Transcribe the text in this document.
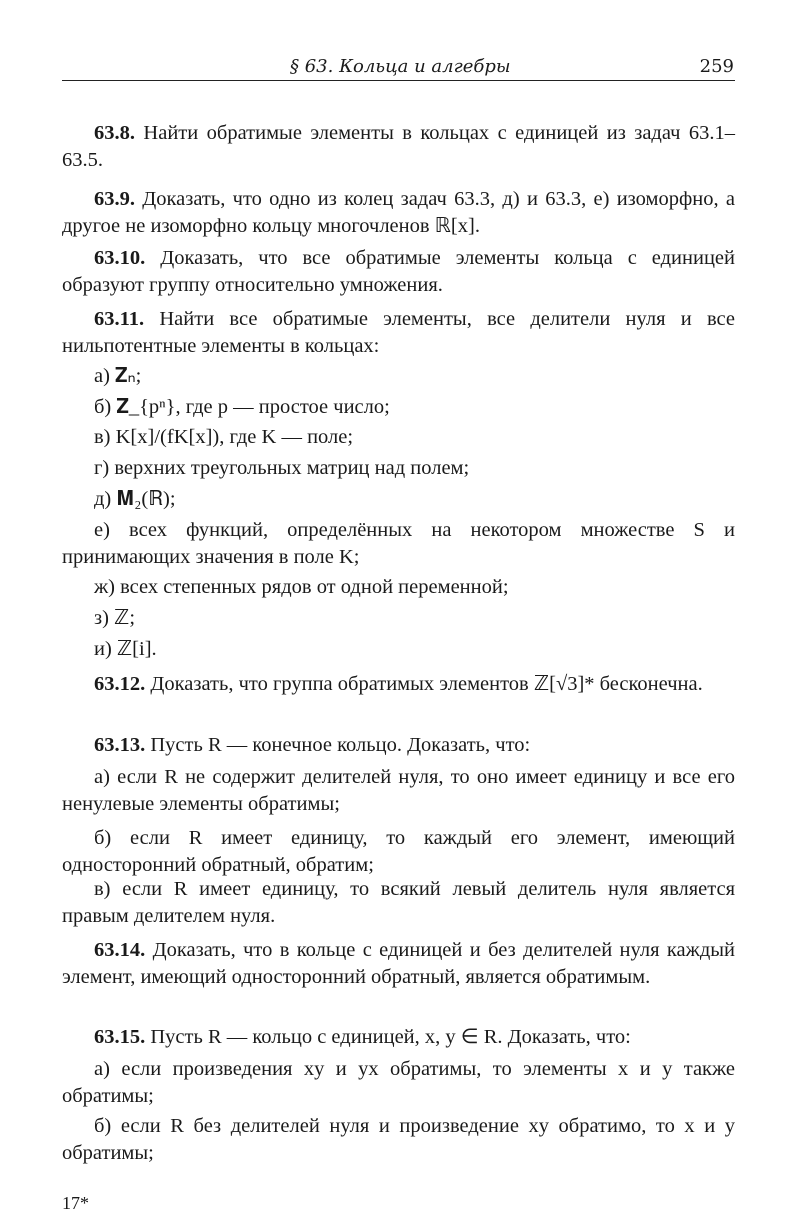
§ 63. Кольца и алгебры	259
63.8. Найти обратимые элементы в кольцах с единицей из задач 63.1–63.5.
63.9. Доказать, что одно из колец задач 63.3, д) и 63.3, е) изоморфно, а другое не изоморфно кольцу многочленов ℝ[x].
63.10. Доказать, что все обратимые элементы кольца с единицей образуют группу относительно умножения.
63.11. Найти все обратимые элементы, все делители нуля и все нильпотентные элементы в кольцах:
а) 𝐙ₙ;
б) 𝐙_{pⁿ}, где p — простое число;
в) K[x]/(fK[x]), где K — поле;
г) верхних треугольных матриц над полем;
д) 𝐌₂(ℝ);
е) всех функций, определённых на некотором множестве S и принимающих значения в поле K;
ж) всех степенных рядов от одной переменной;
з) ℤ;
и) ℤ[i].
63.12. Доказать, что группа обратимых элементов ℤ[√3]* бесконечна.
63.13. Пусть R — конечное кольцо. Доказать, что:
а) если R не содержит делителей нуля, то оно имеет единицу и все его ненулевые элементы обратимы;
б) если R имеет единицу, то каждый его элемент, имеющий односторонний обратный, обратим;
в) если R имеет единицу, то всякий левый делитель нуля является правым делителем нуля.
63.14. Доказать, что в кольце с единицей и без делителей нуля каждый элемент, имеющий односторонний обратный, является обратимым.
63.15. Пусть R — кольцо с единицей, x, y ∈ R. Доказать, что:
а) если произведения xy и yx обратимы, то элементы x и y также обратимы;
б) если R без делителей нуля и произведение xy обратимо, то x и y обратимы;
17*
